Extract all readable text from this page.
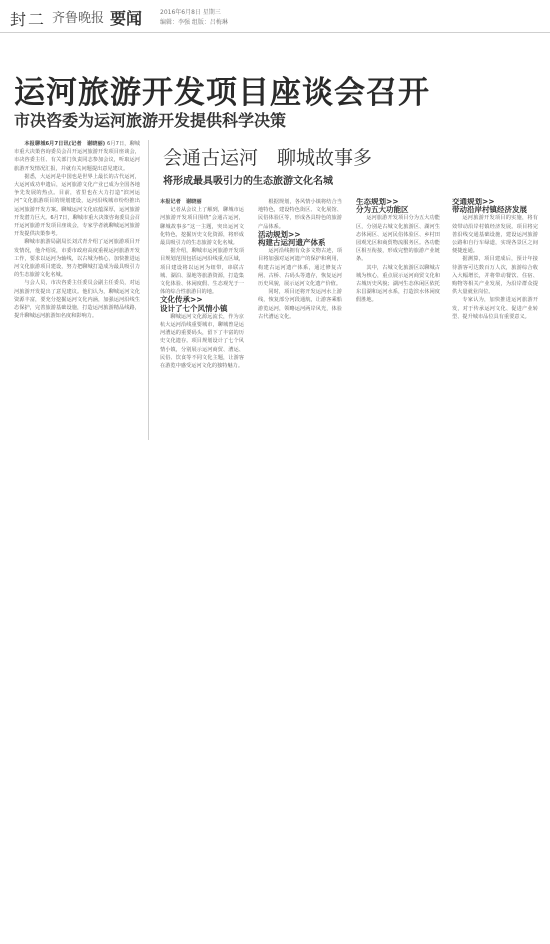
封二 齐鲁晚报 要闻	2016年6月8日 星期三
编辑：李强 组版：吕梅琳
运河旅游开发项目座谈会召开
市决咨委为运河旅游开发提供科学决策

本报聊城6月7日讯(记者　谢晓丽) 6月7日，聊城市重大决策咨询委员会召开运河旅游开发项目座谈会，市决咨委主任、有关部门负责同志参加会议，听取运河旅游开发情况汇报，并就有关问题提出意见建议。

据悉，大运河是中国也是世界上最长的古代运河，大运河成功申遗后，运河旅游文化产业已成为全国各地争先发展的热点。目前，省里也在大力打造“滨河运河”文化旅游项目的规划建设，运河沿线城市纷纷推出运河旅游开发方案。聊城运河文化底蕴深厚，运河旅游开发潜力巨大。6月7日，聊城市重大决策咨询委员会召开运河旅游开发项目座谈会，专家学者就聊城运河旅游开发提供决策参考。

聊城市旅游局副局长刘式青介绍了运河旅游项目开发情况，他介绍说，市委市政府高度重视运河旅游开发工作，要求以运河为轴线，以古城为核心，加快推进运河文化旅游项目建设，努力把聊城打造成为最具吸引力的生态旅游文化名城。

与会人员，市决咨委主任委员会副主任委员，对运河旅游开发提出了意见建议。他们认为，聊城运河文化资源丰富，要充分挖掘运河文化内涵，加强运河沿线生态保护，完善旅游基础设施，打造运河旅游精品线路，提升聊城运河旅游知名度和影响力。

会通古运河　聊城故事多
将形成最具吸引力的生态旅游文化名城

本报记者　谢晓丽

记者从会议上了解到，聊城市运河旅游开发项目围绕“会通古运河，聊城故事多”这一主题，突出运河文化特色，挖掘历史文化资源，将形成最具吸引力的生态旅游文化名城。

据介绍，聊城市运河旅游开发项目规划范围包括运河沿线重点区域，项目建设将以运河为纽带，串联古城、湖泊、湿地等旅游资源，打造集文化体验、休闲度假、生态观光于一体的综合性旅游目的地。

文化传承>>

设计了七个风情小镇

聊城运河文化源远流长，作为京杭大运河沿线重要城市，聊城曾是运河漕运的重要码头，留下了丰富的历史文化遗存。项目规划设计了七个风情小镇，分别展示运河商贸、漕运、民俗、饮食等不同文化主题，让游客在游览中感受运河文化的独特魅力。

根据规划，各风情小镇将结合当地特色，建设特色街区、文化展馆、民俗体验区等，形成各具特色的旅游产品体系。

活动规划>>

构建古运河遗产体系

运河沿线拥有众多文物古迹，项目将加强对运河遗产的保护和利用，构建古运河遗产体系，通过修复古闸、古桥、古码头等遗存，恢复运河历史风貌，展示运河文化遗产价值。

同时，项目还将开发运河水上游线，恢复部分河段通航，让游客乘船游览运河，领略运河两岸风光，体验古代漕运文化。

生态规划>>

分为五大功能区

运河旅游开发项目分为五大功能区，分别是古城文化旅游区、湖河生态休闲区、运河民俗体验区、乡村田园观光区和商贸物流服务区。各功能区相互衔接，形成完整的旅游产业链条。

其中，古城文化旅游区以聊城古城为核心，重点展示运河商贸文化和古城历史风貌；湖河生态休闲区依托东昌湖和运河水系，打造滨水休闲度假胜地。

交通规划>>

带动沿岸村镇经济发展

运河旅游开发项目的实施，将有效带动沿岸村镇经济发展。项目将完善沿线交通基础设施，建设运河旅游公路和自行车绿道，实现各景区之间便捷连通。

据测算，项目建成后，预计年接待游客可达数百万人次，旅游综合收入大幅增长，并将带动餐饮、住宿、购物等相关产业发展，为沿岸群众提供大量就业岗位。

专家认为，加快推进运河旅游开发，对于传承运河文化、促进产业转型、提升城市品位具有重要意义。
